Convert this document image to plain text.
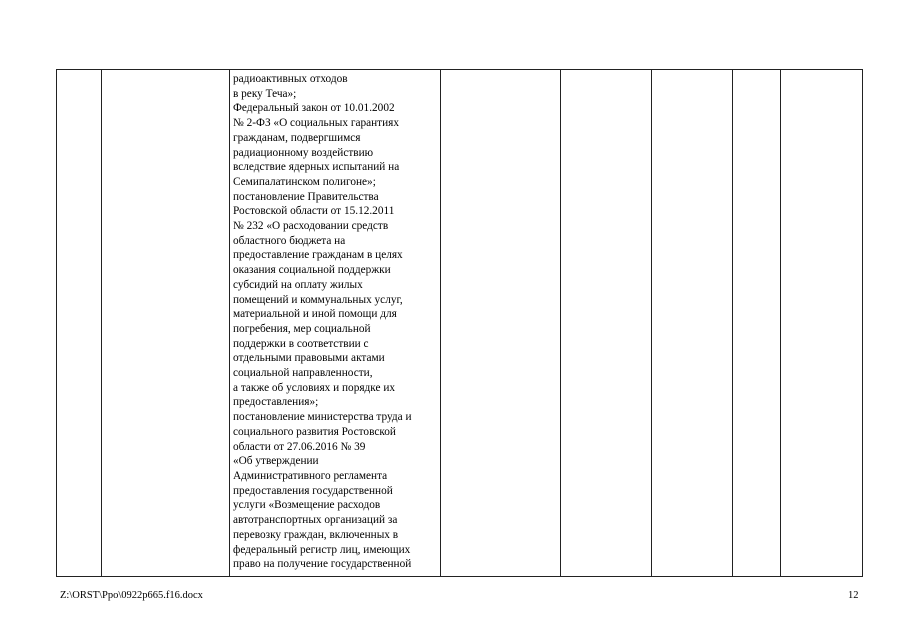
радиоактивных отходов
в реку Теча»;
Федеральный закон от 10.01.2002
№ 2-ФЗ «О социальных гарантиях
гражданам, подвергшимся
радиационному воздействию
вследствие ядерных испытаний на
Семипалатинском полигоне»;
постановление Правительства
Ростовской области от 15.12.2011
№ 232 «О расходовании средств
областного бюджета на
предоставление гражданам в целях
оказания социальной поддержки
субсидий на оплату жилых
помещений и коммунальных услуг,
материальной и иной помощи для
погребения, мер социальной
поддержки в соответствии с
отдельными правовыми актами
социальной направленности,
а также об условиях и порядке их
предоставления»;
постановление министерства труда и
социального развития Ростовской
области от 27.06.2016 № 39
«Об утверждении
Административного регламента
предоставления государственной
услуги «Возмещение расходов
автотранспортных организаций за
перевозку граждан, включенных в
федеральный регистр лиц, имеющих
право на получение государственной

Z:\ORST\Ppo\0922p665.f16.docx	12
